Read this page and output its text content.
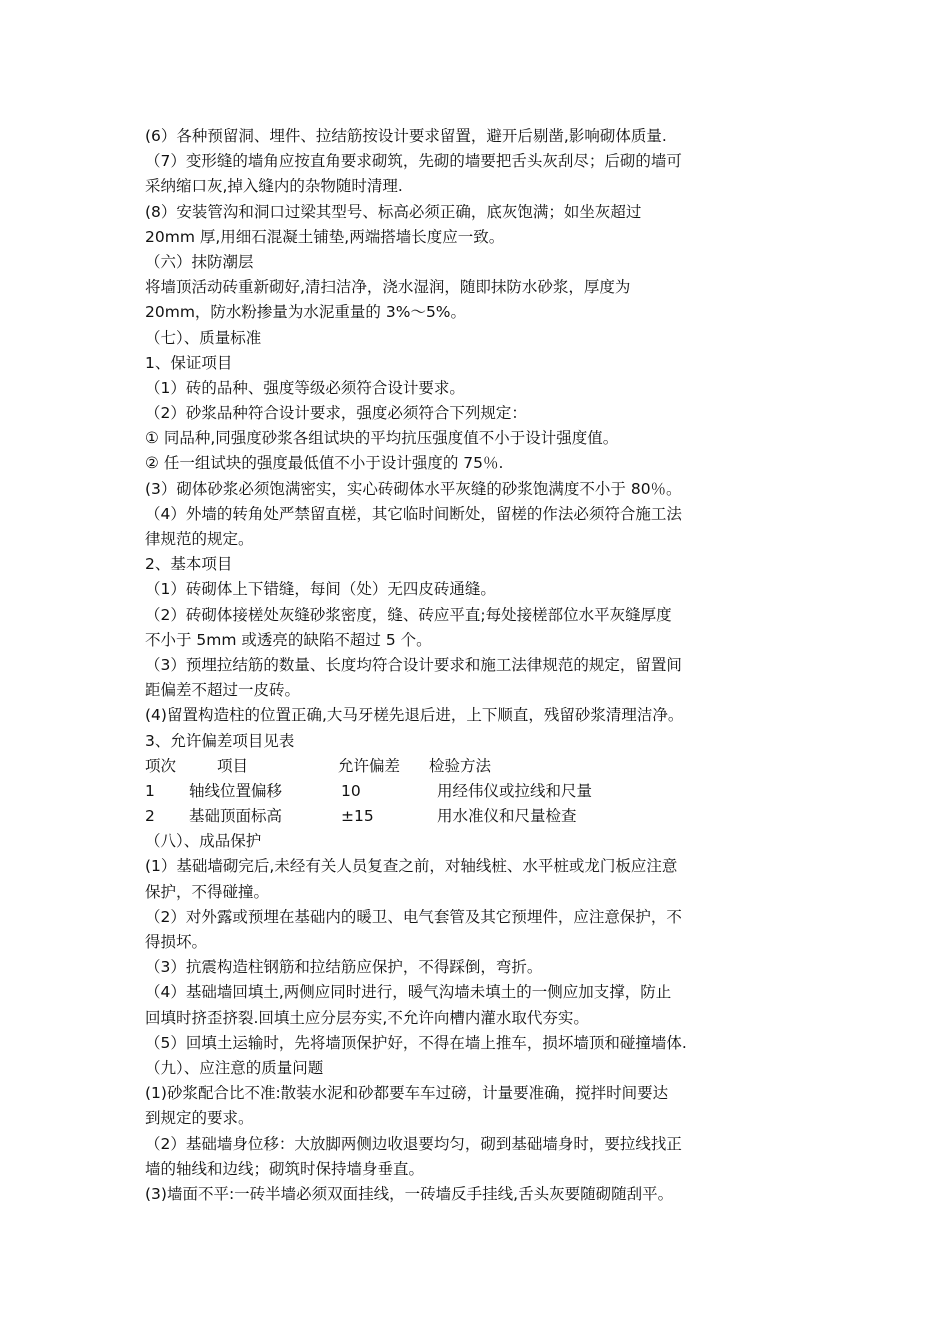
(6）各种预留洞、埋件、拉结筋按设计要求留置，避开后剔凿,影响砌体质量.
（7）变形缝的墙角应按直角要求砌筑，先砌的墙要把舌头灰刮尽；后砌的墙可
采纳缩口灰,掉入缝内的杂物随时清理.
(8）安装管沟和洞口过梁其型号、标高必须正确，底灰饱满；如坐灰超过
20mm 厚,用细石混凝土铺垫,两端搭墙长度应一致。
（六）抹防潮层
将墙顶活动砖重新砌好,清扫洁净，浇水湿润，随即抹防水砂浆，厚度为
20mm，防水粉掺量为水泥重量的 3%～5%。
（七）、质量标准
1、保证项目
（1）砖的品种、强度等级必须符合设计要求。
（2）砂浆品种符合设计要求，强度必须符合下列规定：
① 同品种,同强度砂浆各组试块的平均抗压强度值不小于设计强度值。
② 任一组试块的强度最低值不小于设计强度的 75％.
(3）砌体砂浆必须饱满密实，实心砖砌体水平灰缝的砂浆饱满度不小于 80％。
（4）外墙的转角处严禁留直槎，其它临时间断处，留槎的作法必须符合施工法
律规范的规定。
2、基本项目
（1）砖砌体上下错缝，每间（处）无四皮砖通缝。
（2）砖砌体接槎处灰缝砂浆密度，缝、砖应平直;每处接槎部位水平灰缝厚度
不小于 5mm 或透亮的缺陷不超过 5 个。
（3）预埋拉结筋的数量、长度均符合设计要求和施工法律规范的规定，留置间
距偏差不超过一皮砖。
(4)留置构造柱的位置正确,大马牙槎先退后进，上下顺直，残留砂浆清理洁净。
3、允许偏差项目见表
项次	项目	允许偏差 检验方法
1 轴线位置偏移	10	用经伟仪或拉线和尺量
2 基础顶面标高	±15	用水准仪和尺量检查
（八）、成品保护
(1）基础墙砌完后,未经有关人员复查之前，对轴线桩、水平桩或龙门板应注意
保护，不得碰撞。
（2）对外露或预埋在基础内的暖卫、电气套管及其它预埋件，应注意保护，不
得损坏。
（3）抗震构造柱钢筋和拉结筋应保护，不得踩倒，弯折。
（4）基础墙回填土,两侧应同时进行，暖气沟墙未填土的一侧应加支撑，防止
回填时挤歪挤裂.回填土应分层夯实,不允许向槽内灌水取代夯实。
（5）回填土运输时，先将墙顶保护好，不得在墙上推车，损坏墙顶和碰撞墙体.
（九）、应注意的质量问题
(1)砂浆配合比不准:散装水泥和砂都要车车过磅，计量要准确，搅拌时间要达
到规定的要求。
（2）基础墙身位移：大放脚两侧边收退要均匀，砌到基础墙身时，要拉线找正
墙的轴线和边线；砌筑时保持墙身垂直。
(3)墙面不平:一砖半墙必须双面挂线，一砖墙反手挂线,舌头灰要随砌随刮平。
